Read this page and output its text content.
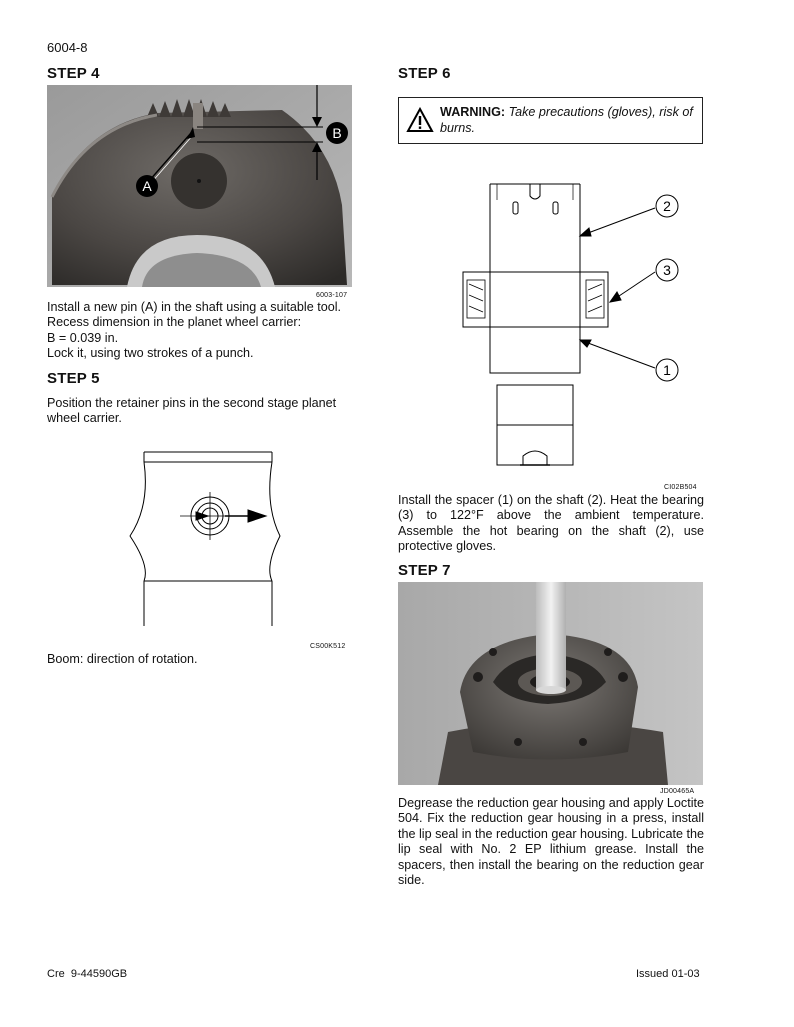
6004-8
STEP 4
A
B
6003-107
Install a new pin (A) in the shaft using a suitable tool.
Recess dimension in the planet wheel carrier:
B = 0.039 in.
Lock it, using two strokes of a punch.
STEP 5
Position the retainer pins in the second stage planet wheel carrier.
CS00K512
Boom: direction of rotation.
STEP 6
WARNING: Take precautions (gloves), risk of burns.
2
3
1
CI02B504
Install the spacer (1) on the shaft (2). Heat the bearing (3) to 122°F above the ambient temperature. Assemble the hot bearing on the shaft (2), use protective gloves.
STEP 7
JD00465A
Degrease the reduction gear housing and apply Loctite 504. Fix the reduction gear housing in a press, install the lip seal in the reduction gear housing. Lubricate the lip seal with No. 2 EP lithium grease. Install the spacers, then install the bearing on the reduction gear side.
Cre  9-44590GB	Issued 01-03
